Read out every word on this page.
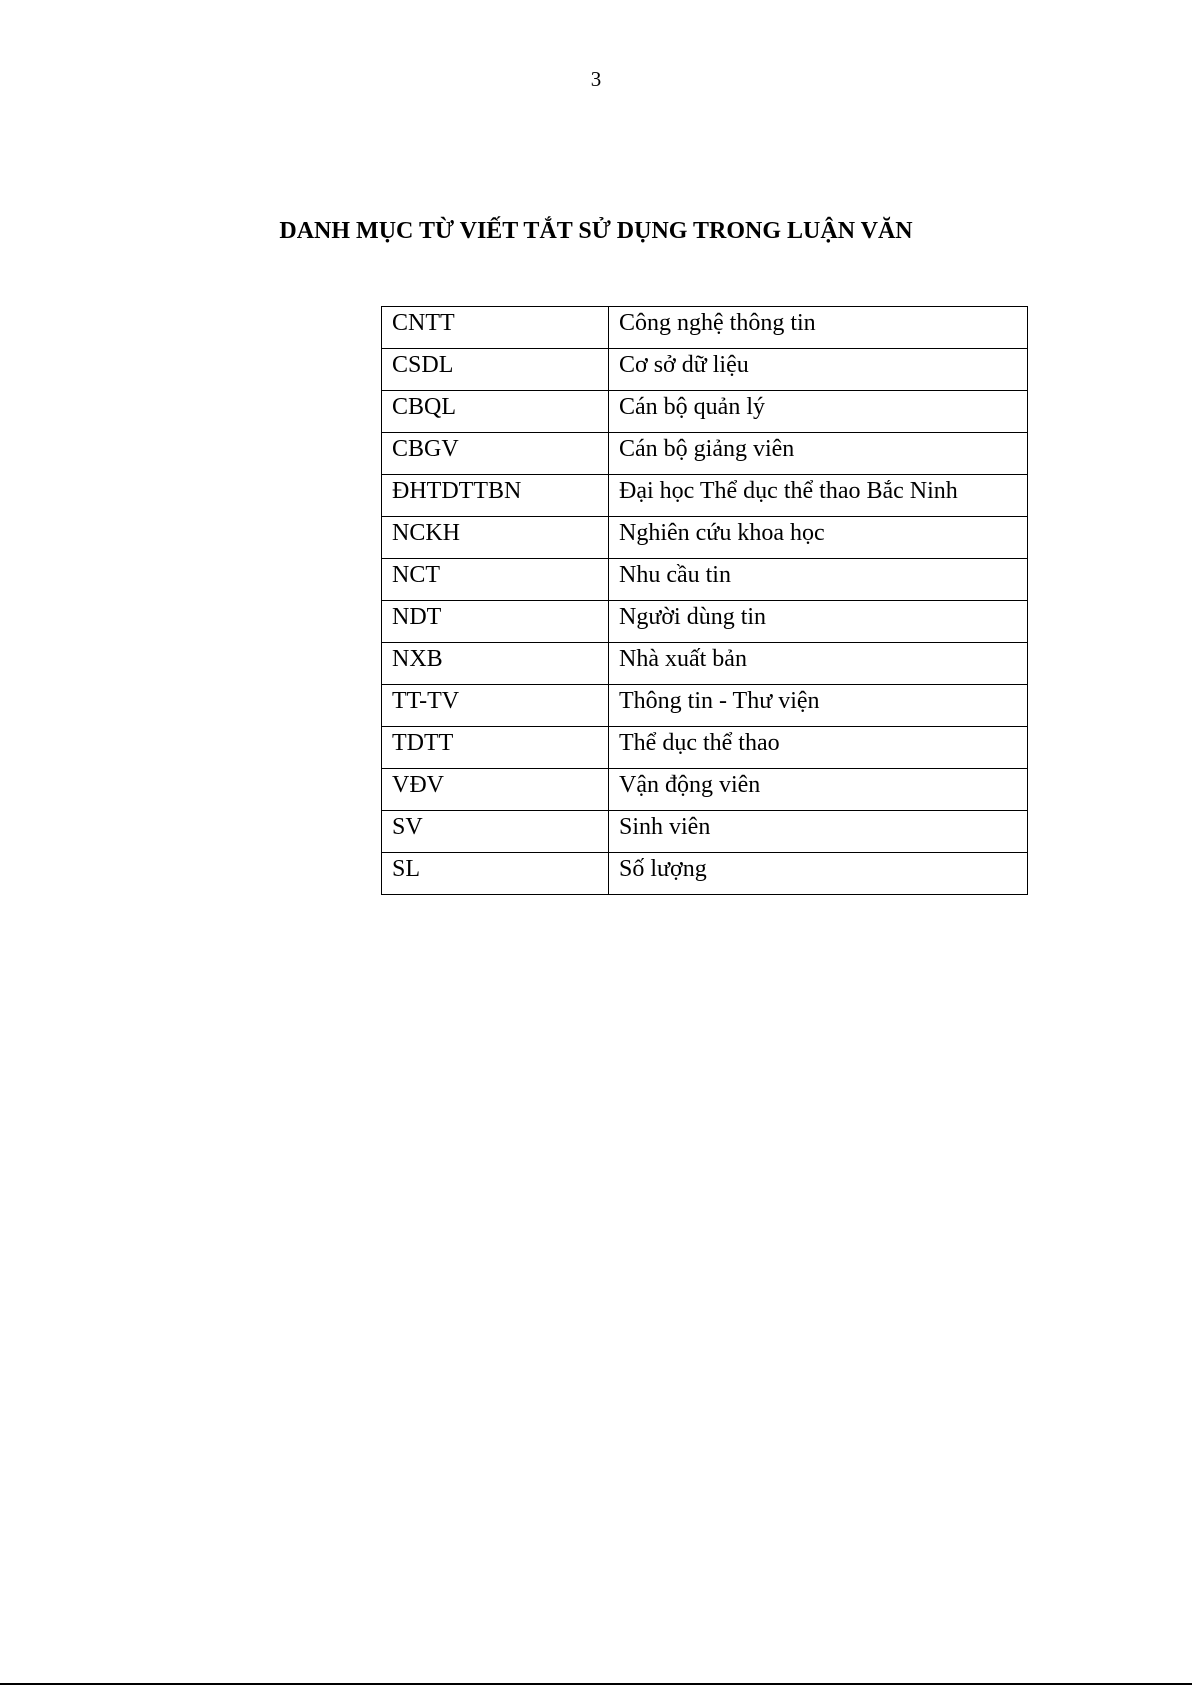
3
DANH MỤC TỪ VIẾT TẮT SỬ DỤNG TRONG LUẬN VĂN
CNTT	Công nghệ thông tin
CSDL	Cơ sở dữ liệu
CBQL	Cán bộ quản lý
CBGV	Cán bộ giảng viên
ĐHTDTTBN	Đại học Thể dục thể thao Bắc Ninh
NCKH	Nghiên cứu khoa học
NCT	Nhu cầu tin
NDT	Người dùng tin
NXB	Nhà xuất bản
TT-TV	Thông tin - Thư viện
TDTT	Thể dục thể thao
VĐV	Vận động viên
SV	Sinh viên
SL	Số lượng
